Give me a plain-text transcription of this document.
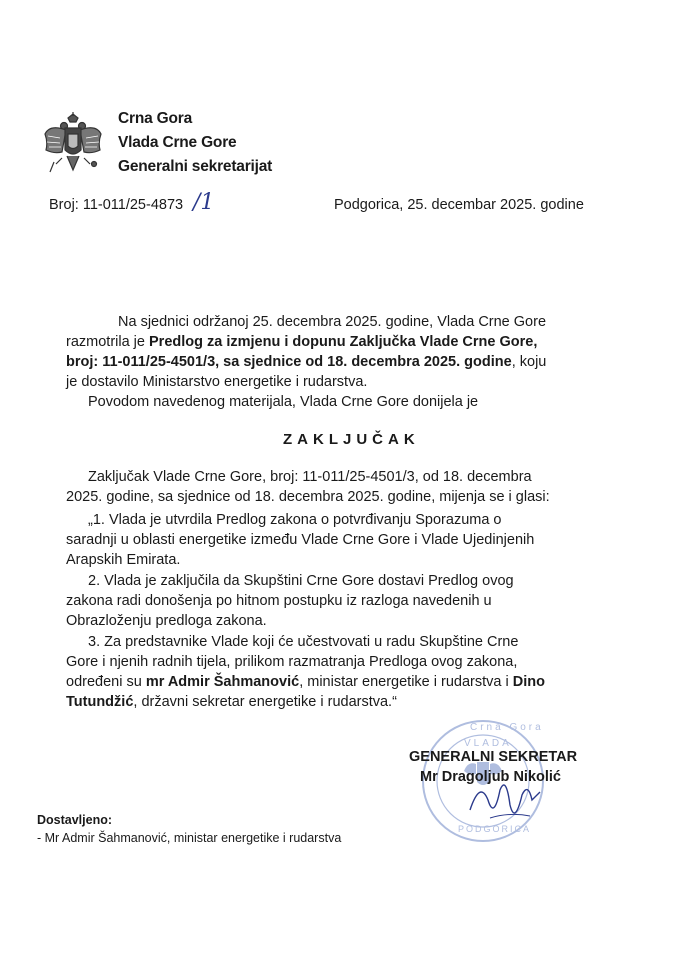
Crna Gora
Vlada Crne Gore
Generalni sekretarijat
Broj: 11-011/25-4873 /1	Podgorica, 25. decembar 2025. godine
Na sjednici održanoj 25. decembra 2025. godine, Vlada Crne Gore
razmotrila je Predlog za izmjenu i dopunu Zaključka Vlade Crne Gore,
broj: 11-011/25-4501/3, sa sjednice od 18. decembra 2025. godine, koju
je dostavilo Ministarstvo energetike i rudarstva.
Povodom navedenog materijala, Vlada Crne Gore donijela je
ZAKLJUČAK
Zaključak Vlade Crne Gore, broj: 11-011/25-4501/3, od 18. decembra
2025. godine, sa sjednice od 18. decembra 2025. godine, mijenja se i glasi:
„1. Vlada je utvrdila Predlog zakona o potvrđivanju Sporazuma o
saradnji u oblasti energetike između Vlade Crne Gore i Vlade Ujedinjenih
Arapskih Emirata.
2. Vlada je zaključila da Skupštini Crne Gore dostavi Predlog ovog
zakona radi donošenja po hitnom postupku iz razloga navedenih u
Obrazloženju predloga zakona.
3. Za predstavnike Vlade koji će učestvovati u radu Skupštine Crne
Gore i njenih radnih tijela, prilikom razmatranja Predloga ovog zakona,
određeni su mr Admir Šahmanović, ministar energetike i rudarstva i Dino
Tutundžić, državni sekretar energetike i rudarstva.“
Crna Gora
VLADA
PODGORICA
GENERALNI SEKRETAR
Mr Dragoljub Nikolić
Dostavljeno:
- Mr Admir Šahmanović, ministar energetike i rudarstva
